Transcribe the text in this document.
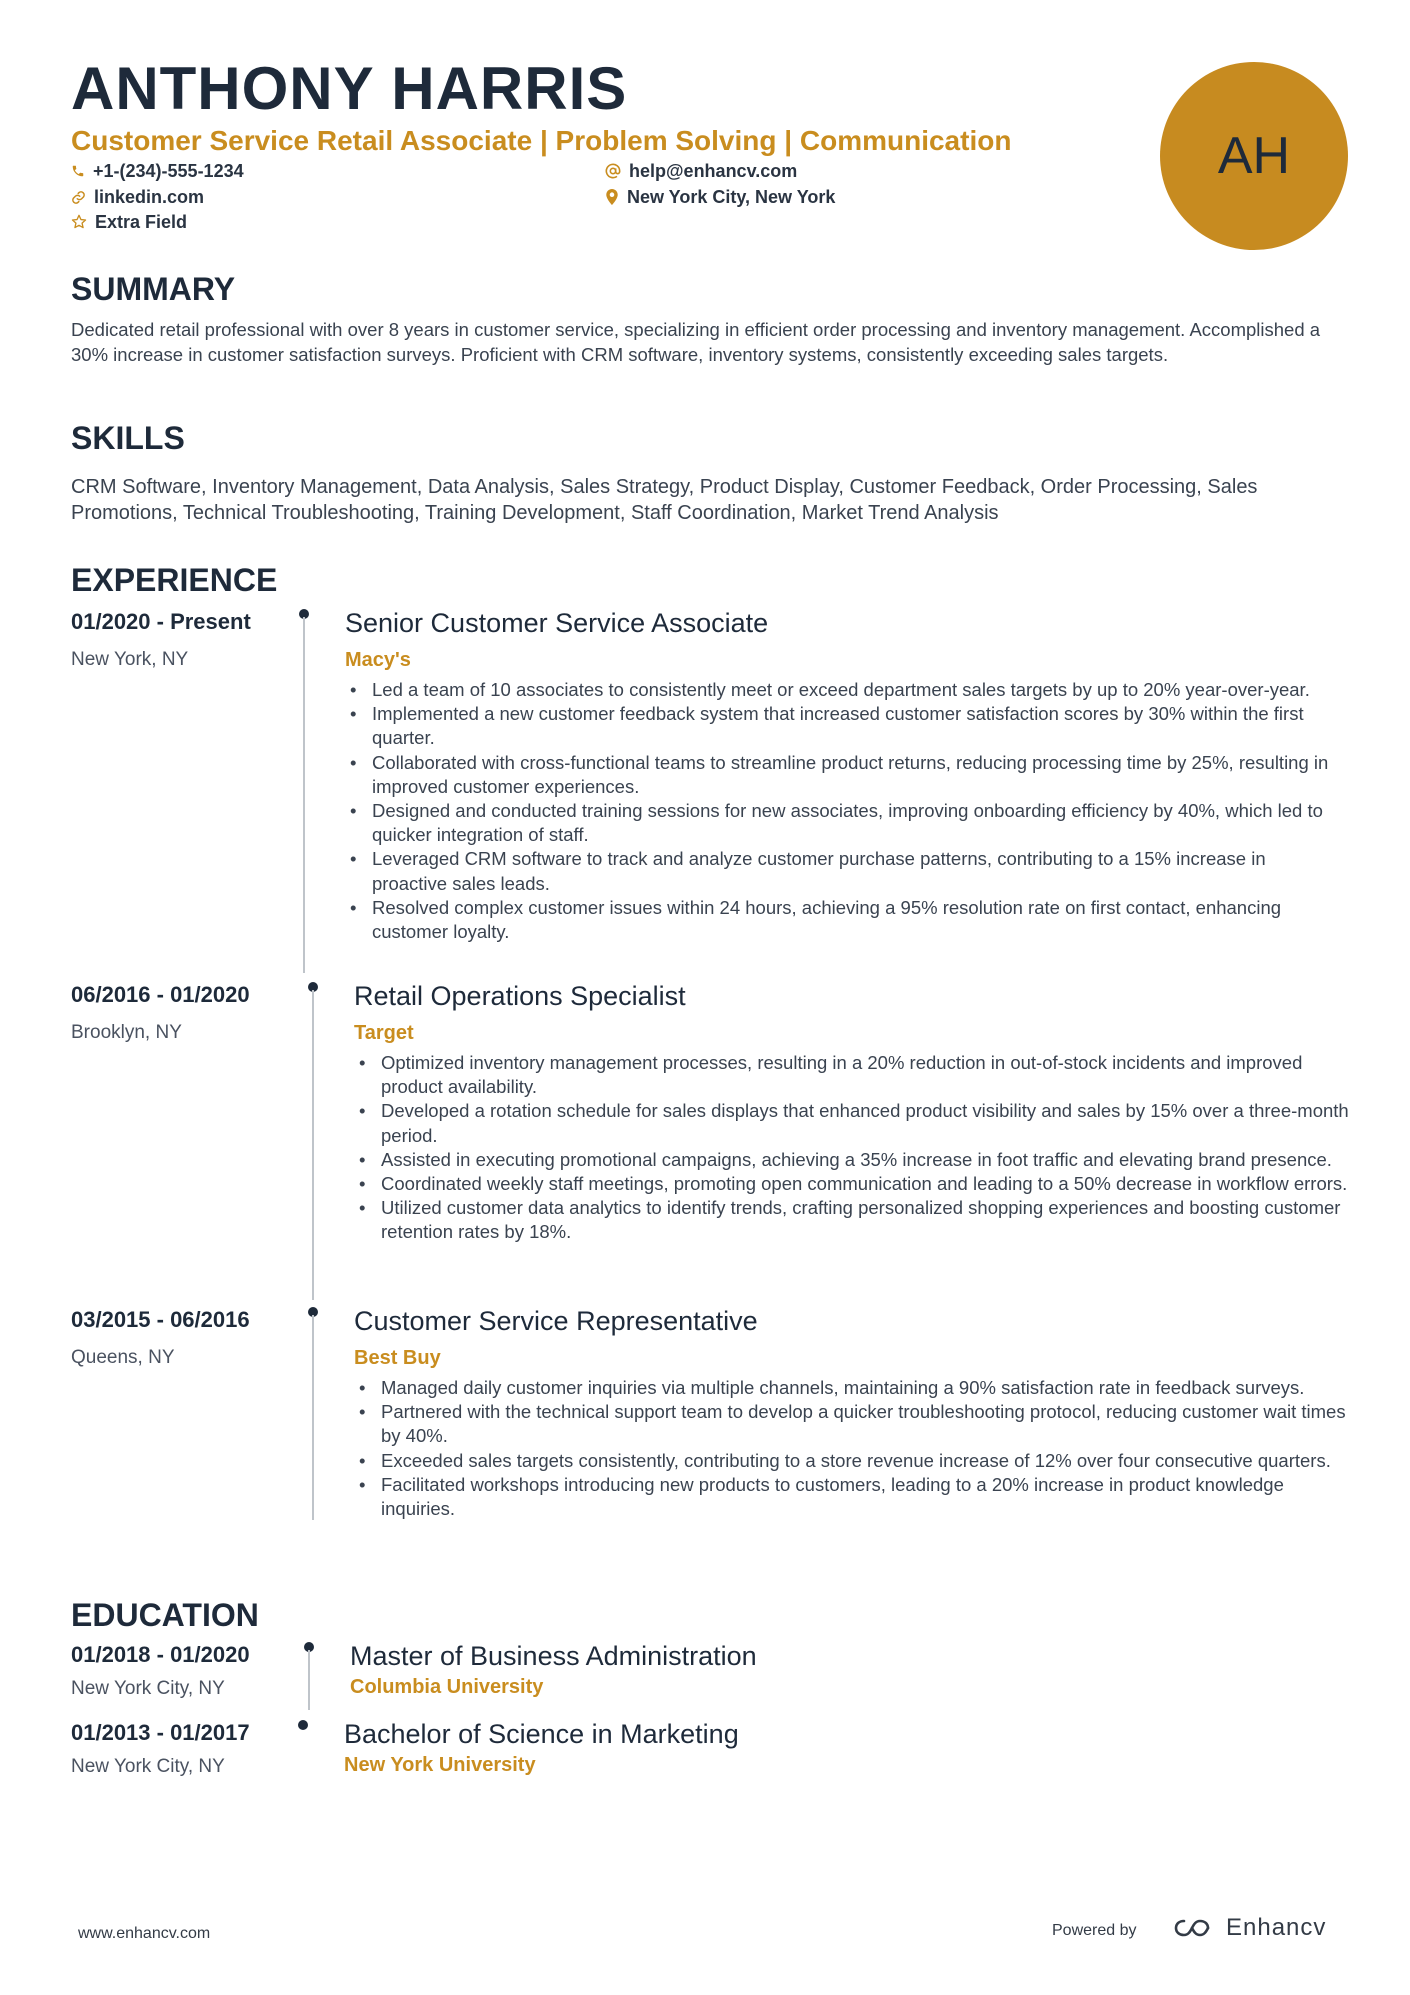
ANTHONY HARRIS
Customer Service Retail Associate | Problem Solving | Communication
+1-(234)-555-1234	help@enhancv.com
linkedin.com	New York City, New York
Extra Field
AH
SUMMARY
Dedicated retail professional with over 8 years in customer service, specializing in efficient order processing and inventory management. Accomplished a 30% increase in customer satisfaction surveys. Proficient with CRM software, inventory systems, consistently exceeding sales targets.
SKILLS
CRM Software, Inventory Management, Data Analysis, Sales Strategy, Product Display, Customer Feedback, Order Processing, Sales Promotions, Technical Troubleshooting, Training Development, Staff Coordination, Market Trend Analysis
EXPERIENCE
01/2020 - Present
New York, NY
Senior Customer Service Associate
Macy's
• Led a team of 10 associates to consistently meet or exceed department sales targets by up to 20% year-over-year.
• Implemented a new customer feedback system that increased customer satisfaction scores by 30% within the first quarter.
• Collaborated with cross-functional teams to streamline product returns, reducing processing time by 25%, resulting in improved customer experiences.
• Designed and conducted training sessions for new associates, improving onboarding efficiency by 40%, which led to quicker integration of staff.
• Leveraged CRM software to track and analyze customer purchase patterns, contributing to a 15% increase in proactive sales leads.
• Resolved complex customer issues within 24 hours, achieving a 95% resolution rate on first contact, enhancing customer loyalty.
06/2016 - 01/2020
Brooklyn, NY
Retail Operations Specialist
Target
• Optimized inventory management processes, resulting in a 20% reduction in out-of-stock incidents and improved product availability.
• Developed a rotation schedule for sales displays that enhanced product visibility and sales by 15% over a three-month period.
• Assisted in executing promotional campaigns, achieving a 35% increase in foot traffic and elevating brand presence.
• Coordinated weekly staff meetings, promoting open communication and leading to a 50% decrease in workflow errors.
• Utilized customer data analytics to identify trends, crafting personalized shopping experiences and boosting customer retention rates by 18%.
03/2015 - 06/2016
Queens, NY
Customer Service Representative
Best Buy
• Managed daily customer inquiries via multiple channels, maintaining a 90% satisfaction rate in feedback surveys.
• Partnered with the technical support team to develop a quicker troubleshooting protocol, reducing customer wait times by 40%.
• Exceeded sales targets consistently, contributing to a store revenue increase of 12% over four consecutive quarters.
• Facilitated workshops introducing new products to customers, leading to a 20% increase in product knowledge inquiries.
EDUCATION
01/2018 - 01/2020
New York City, NY
Master of Business Administration
Columbia University
01/2013 - 01/2017
New York City, NY
Bachelor of Science in Marketing
New York University
www.enhancv.com	Powered by	Enhancv
